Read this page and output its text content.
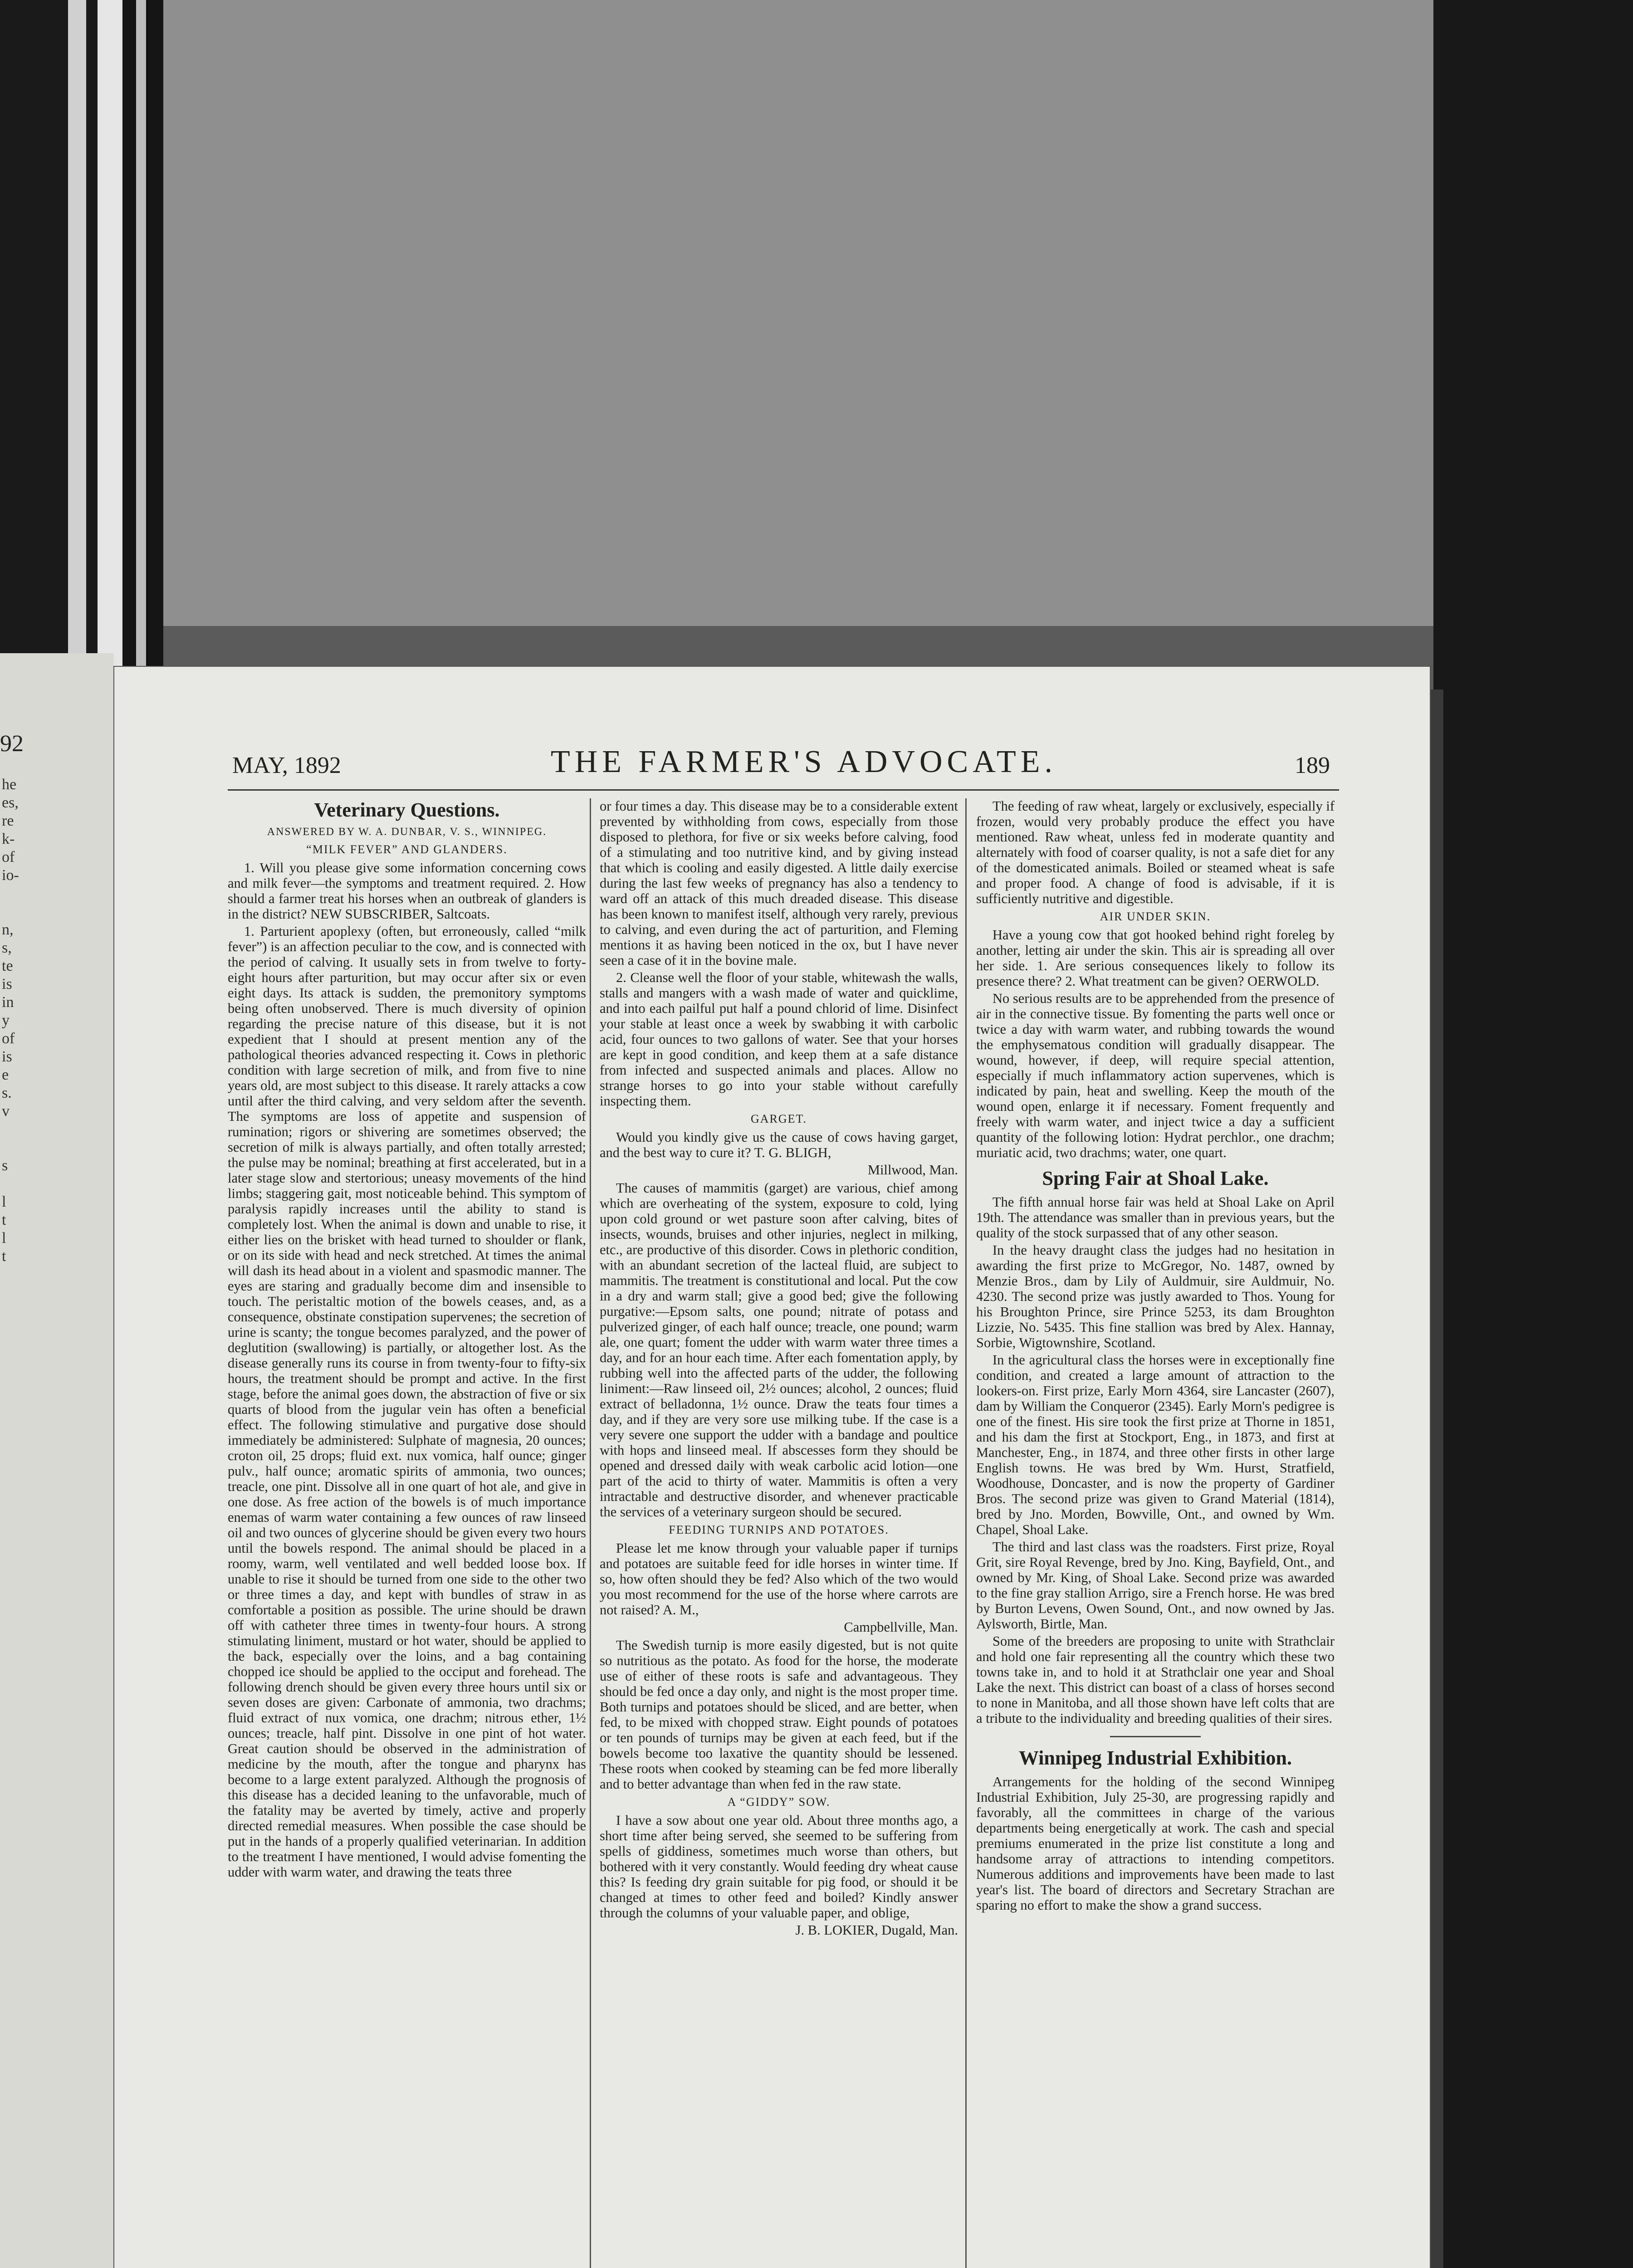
92
he
es,
re
k-
of
io-

n,
s,
te
is
in
y
of
is
e
s.
v

s

l
t
l
t
MAY, 1892	THE FARMER'S ADVOCATE.	189
Veterinary Questions.
ANSWERED BY W. A. DUNBAR, V. S., WINNIPEG.
“MILK FEVER” AND GLANDERS.

1. Will you please give some information concerning cows and milk fever—the symptoms and treatment required. 2. How should a farmer treat his horses when an outbreak of glanders is in the district? NEW SUBSCRIBER, Saltcoats.

1. Parturient apoplexy (often, but erroneously, called “milk fever”) is an affection peculiar to the cow, and is connected with the period of calving. It usually sets in from twelve to forty-eight hours after parturition, but may occur after six or even eight days. Its attack is sudden, the premonitory symptoms being often unobserved. There is much diversity of opinion regarding the precise nature of this disease, but it is not expedient that I should at present mention any of the pathological theories advanced respecting it. Cows in plethoric condition with large secretion of milk, and from five to nine years old, are most subject to this disease. It rarely attacks a cow until after the third calving, and very seldom after the seventh. The symptoms are loss of appetite and suspension of rumination; rigors or shivering are sometimes observed; the secretion of milk is always partially, and often totally arrested; the pulse may be nominal; breathing at first accelerated, but in a later stage slow and stertorious; uneasy movements of the hind limbs; staggering gait, most noticeable behind. This symptom of paralysis rapidly increases until the ability to stand is completely lost. When the animal is down and unable to rise, it either lies on the brisket with head turned to shoulder or flank, or on its side with head and neck stretched. At times the animal will dash its head about in a violent and spasmodic manner. The eyes are staring and gradually become dim and insensible to touch. The peristaltic motion of the bowels ceases, and, as a consequence, obstinate constipation supervenes; the secretion of urine is scanty; the tongue becomes paralyzed, and the power of deglutition (swallowing) is partially, or altogether lost. As the disease generally runs its course in from twenty-four to fifty-six hours, the treatment should be prompt and active. In the first stage, before the animal goes down, the abstraction of five or six quarts of blood from the jugular vein has often a beneficial effect. The following stimulative and purgative dose should immediately be administered: Sulphate of magnesia, 20 ounces; croton oil, 25 drops; fluid ext. nux vomica, half ounce; ginger pulv., half ounce; aromatic spirits of ammonia, two ounces; treacle, one pint. Dissolve all in one quart of hot ale, and give in one dose. As free action of the bowels is of much importance enemas of warm water containing a few ounces of raw linseed oil and two ounces of glycerine should be given every two hours until the bowels respond. The animal should be placed in a roomy, warm, well ventilated and well bedded loose box. If unable to rise it should be turned from one side to the other two or three times a day, and kept with bundles of straw in as comfortable a position as possible. The urine should be drawn off with catheter three times in twenty-four hours. A strong stimulating liniment, mustard or hot water, should be applied to the back, especially over the loins, and a bag containing chopped ice should be applied to the occiput and forehead. The following drench should be given every three hours until six or seven doses are given: Carbonate of ammonia, two drachms; fluid extract of nux vomica, one drachm; nitrous ether, 1½ ounces; treacle, half pint. Dissolve in one pint of hot water. Great caution should be observed in the administration of medicine by the mouth, after the tongue and pharynx has become to a large extent paralyzed. Although the prognosis of this disease has a decided leaning to the unfavorable, much of the fatality may be averted by timely, active and properly directed remedial measures. When possible the case should be put in the hands of a properly qualified veterinarian. In addition to the treatment I have mentioned, I would advise fomenting the udder with warm water, and drawing the teats three

or four times a day. This disease may be to a considerable extent prevented by withholding from cows, especially from those disposed to plethora, for five or six weeks before calving, food of a stimulating and too nutritive kind, and by giving instead that which is cooling and easily digested. A little daily exercise during the last few weeks of pregnancy has also a tendency to ward off an attack of this much dreaded disease. This disease has been known to manifest itself, although very rarely, previous to calving, and even during the act of parturition, and Fleming mentions it as having been noticed in the ox, but I have never seen a case of it in the bovine male.

2. Cleanse well the floor of your stable, whitewash the walls, stalls and mangers with a wash made of water and quicklime, and into each pailful put half a pound chlorid of lime. Disinfect your stable at least once a week by swabbing it with carbolic acid, four ounces to two gallons of water. See that your horses are kept in good condition, and keep them at a safe distance from infected and suspected animals and places. Allow no strange horses to go into your stable without carefully inspecting them.

GARGET.

Would you kindly give us the cause of cows having garget, and the best way to cure it? T. G. BLIGH,

Millwood, Man.

The causes of mammitis (garget) are various, chief among which are overheating of the system, exposure to cold, lying upon cold ground or wet pasture soon after calving, bites of insects, wounds, bruises and other injuries, neglect in milking, etc., are productive of this disorder. Cows in plethoric condition, with an abundant secretion of the lacteal fluid, are subject to mammitis. The treatment is constitutional and local. Put the cow in a dry and warm stall; give a good bed; give the following purgative:—Epsom salts, one pound; nitrate of potass and pulverized ginger, of each half ounce; treacle, one pound; warm ale, one quart; foment the udder with warm water three times a day, and for an hour each time. After each fomentation apply, by rubbing well into the affected parts of the udder, the following liniment:—Raw linseed oil, 2½ ounces; alcohol, 2 ounces; fluid extract of belladonna, 1½ ounce. Draw the teats four times a day, and if they are very sore use milking tube. If the case is a very severe one support the udder with a bandage and poultice with hops and linseed meal. If abscesses form they should be opened and dressed daily with weak carbolic acid lotion—one part of the acid to thirty of water. Mammitis is often a very intractable and destructive disorder, and whenever practicable the services of a veterinary surgeon should be secured.

FEEDING TURNIPS AND POTATOES.

Please let me know through your valuable paper if turnips and potatoes are suitable feed for idle horses in winter time. If so, how often should they be fed? Also which of the two would you most recommend for the use of the horse where carrots are not raised? A. M.,

Campbellville, Man.

The Swedish turnip is more easily digested, but is not quite so nutritious as the potato. As food for the horse, the moderate use of either of these roots is safe and advantageous. They should be fed once a day only, and night is the most proper time. Both turnips and potatoes should be sliced, and are better, when fed, to be mixed with chopped straw. Eight pounds of potatoes or ten pounds of turnips may be given at each feed, but if the bowels become too laxative the quantity should be lessened. These roots when cooked by steaming can be fed more liberally and to better advantage than when fed in the raw state.

A “GIDDY” SOW.

I have a sow about one year old. About three months ago, a short time after being served, she seemed to be suffering from spells of giddiness, sometimes much worse than others, but bothered with it very constantly. Would feeding dry wheat cause this? Is feeding dry grain suitable for pig food, or should it be changed at times to other feed and boiled? Kindly answer through the columns of your valuable paper, and oblige,

J. B. LOKIER, Dugald, Man.

The feeding of raw wheat, largely or exclusively, especially if frozen, would very probably produce the effect you have mentioned. Raw wheat, unless fed in moderate quantity and alternately with food of coarser quality, is not a safe diet for any of the domesticated animals. Boiled or steamed wheat is safe and proper food. A change of food is advisable, if it is sufficiently nutritive and digestible.

AIR UNDER SKIN.

Have a young cow that got hooked behind right foreleg by another, letting air under the skin. This air is spreading all over her side. 1. Are serious consequences likely to follow its presence there? 2. What treatment can be given? OERWOLD.

No serious results are to be apprehended from the presence of air in the connective tissue. By fomenting the parts well once or twice a day with warm water, and rubbing towards the wound the emphysematous condition will gradually disappear. The wound, however, if deep, will require special attention, especially if much inflammatory action supervenes, which is indicated by pain, heat and swelling. Keep the mouth of the wound open, enlarge it if necessary. Foment frequently and freely with warm water, and inject twice a day a sufficient quantity of the following lotion: Hydrat perchlor., one drachm; muriatic acid, two drachms; water, one quart.

Spring Fair at Shoal Lake.

The fifth annual horse fair was held at Shoal Lake on April 19th. The attendance was smaller than in previous years, but the quality of the stock surpassed that of any other season.

In the heavy draught class the judges had no hesitation in awarding the first prize to McGregor, No. 1487, owned by Menzie Bros., dam by Lily of Auldmuir, sire Auldmuir, No. 4230. The second prize was justly awarded to Thos. Young for his Broughton Prince, sire Prince 5253, its dam Broughton Lizzie, No. 5435. This fine stallion was bred by Alex. Hannay, Sorbie, Wigtownshire, Scotland.

In the agricultural class the horses were in exceptionally fine condition, and created a large amount of attraction to the lookers-on. First prize, Early Morn 4364, sire Lancaster (2607), dam by William the Conqueror (2345). Early Morn's pedigree is one of the finest. His sire took the first prize at Thorne in 1851, and his dam the first at Stockport, Eng., in 1873, and first at Manchester, Eng., in 1874, and three other firsts in other large English towns. He was bred by Wm. Hurst, Stratfield, Woodhouse, Doncaster, and is now the property of Gardiner Bros. The second prize was given to Grand Material (1814), bred by Jno. Morden, Bowville, Ont., and owned by Wm. Chapel, Shoal Lake.

The third and last class was the roadsters. First prize, Royal Grit, sire Royal Revenge, bred by Jno. King, Bayfield, Ont., and owned by Mr. King, of Shoal Lake. Second prize was awarded to the fine gray stallion Arrigo, sire a French horse. He was bred by Burton Levens, Owen Sound, Ont., and now owned by Jas. Aylsworth, Birtle, Man.

Some of the breeders are proposing to unite with Strathclair and hold one fair representing all the country which these two towns take in, and to hold it at Strathclair one year and Shoal Lake the next. This district can boast of a class of horses second to none in Manitoba, and all those shown have left colts that are a tribute to the individuality and breeding qualities of their sires.

Winnipeg Industrial Exhibition.

Arrangements for the holding of the second Winnipeg Industrial Exhibition, July 25-30, are progressing rapidly and favorably, all the committees in charge of the various departments being energetically at work. The cash and special premiums enumerated in the prize list constitute a long and handsome array of attractions to intending competitors. Numerous additions and improvements have been made to last year's list. The board of directors and Secretary Strachan are sparing no effort to make the show a grand success.
